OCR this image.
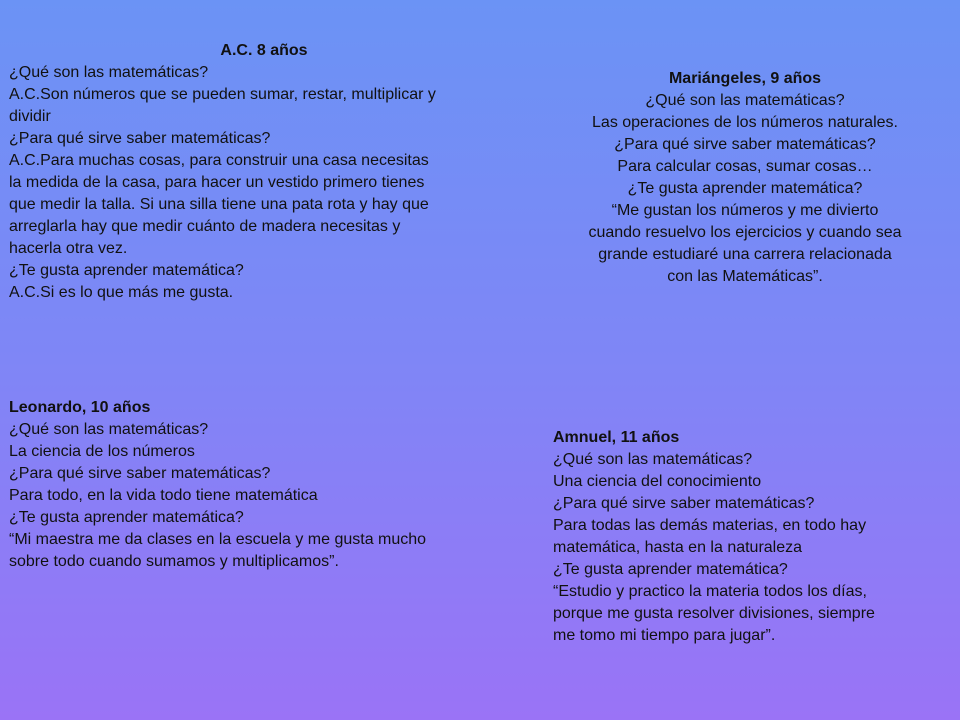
A.C. 8 años
¿Qué son las matemáticas?
A.C.Son números que se pueden sumar, restar, multiplicar y
dividir
¿Para qué sirve saber matemáticas?
A.C.Para muchas cosas, para construir una casa necesitas
la medida de la casa, para hacer un vestido primero tienes
que medir la talla. Si una silla tiene una pata rota y hay que
arreglarla hay que medir cuánto de madera necesitas y
hacerla otra vez.
¿Te gusta aprender matemática?
A.C.Si es lo que más me gusta.
Mariángeles, 9 años
¿Qué son las matemáticas?
Las operaciones de los números naturales.
¿Para qué sirve saber matemáticas?
Para calcular cosas, sumar cosas…
¿Te gusta aprender matemática?
“Me gustan los números y me divierto
cuando resuelvo los ejercicios y cuando sea
grande estudiaré una carrera relacionada
con las Matemáticas”.
Leonardo, 10 años
¿Qué son las matemáticas?
La ciencia de los números
¿Para qué sirve saber matemáticas?
Para todo, en la vida todo tiene matemática
¿Te gusta aprender matemática?
“Mi maestra me da clases en la escuela y me gusta mucho
sobre todo cuando sumamos y multiplicamos”.
Amnuel, 11 años
¿Qué son las matemáticas?
Una ciencia del conocimiento
¿Para qué sirve saber matemáticas?
Para todas las demás materias, en todo hay
matemática, hasta en la naturaleza
¿Te gusta aprender matemática?
“Estudio y practico la materia todos los días,
porque me gusta resolver divisiones, siempre
me tomo mi tiempo para jugar”.
